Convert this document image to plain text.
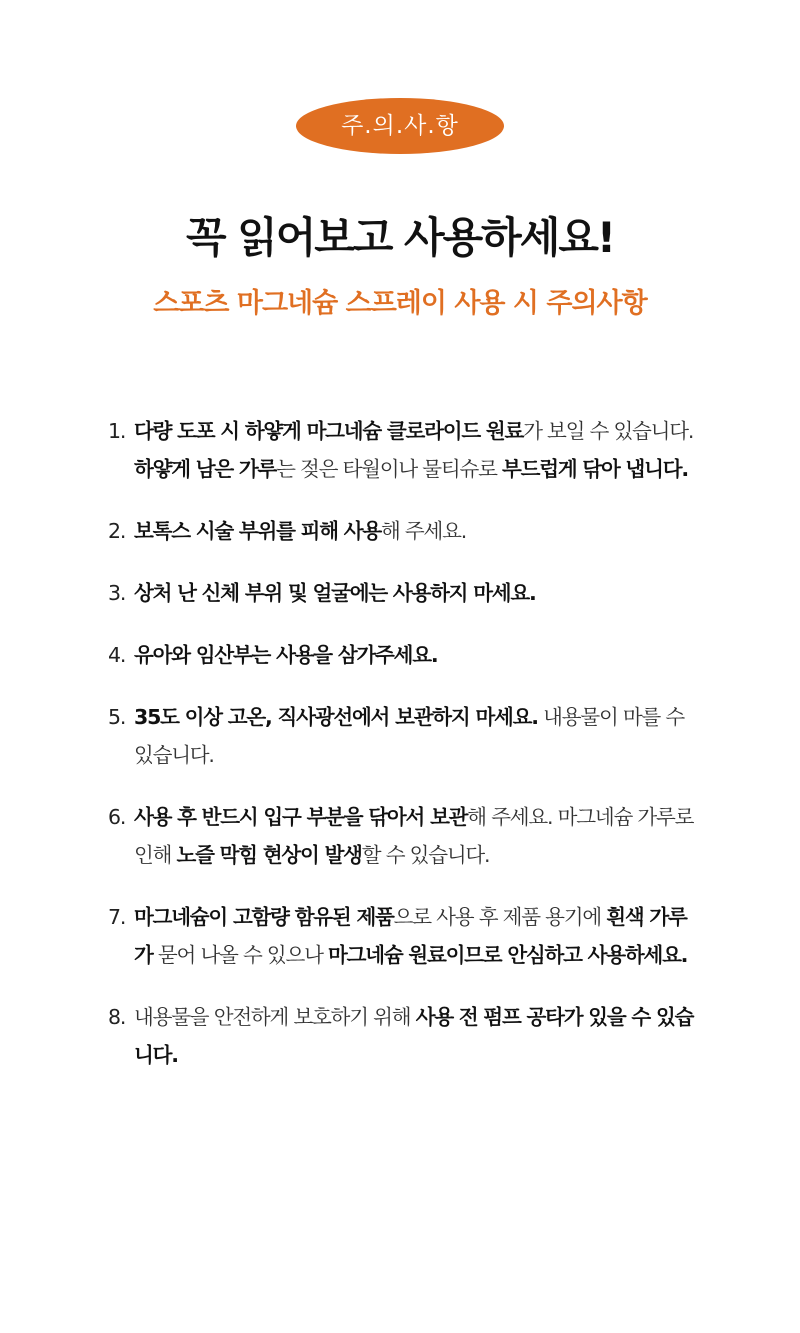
주.의.사.항
꼭 읽어보고 사용하세요!
스포츠 마그네슘 스프레이 사용 시 주의사항
1. 다량 도포 시 하얗게 마그네슘 클로라이드 원료가 보일 수 있습니다. 하얗게 남은 가루는 젖은 타월이나 물티슈로 부드럽게 닦아 냅니다.
2. 보톡스 시술 부위를 피해 사용해 주세요.
3. 상처 난 신체 부위 및 얼굴에는 사용하지 마세요.
4. 유아와 임산부는 사용을 삼가주세요.
5. 35도 이상 고온, 직사광선에서 보관하지 마세요. 내용물이 마를 수 있습니다.
6. 사용 후 반드시 입구 부분을 닦아서 보관해 주세요. 마그네슘 가루로 인해 노즐 막힘 현상이 발생할 수 있습니다.
7. 마그네슘이 고함량 함유된 제품으로 사용 후 제품 용기에 흰색 가루가 묻어 나올 수 있으나 마그네슘 원료이므로 안심하고 사용하세요.
8. 내용물을 안전하게 보호하기 위해 사용 전 펌프 공타가 있을 수 있습니다.
